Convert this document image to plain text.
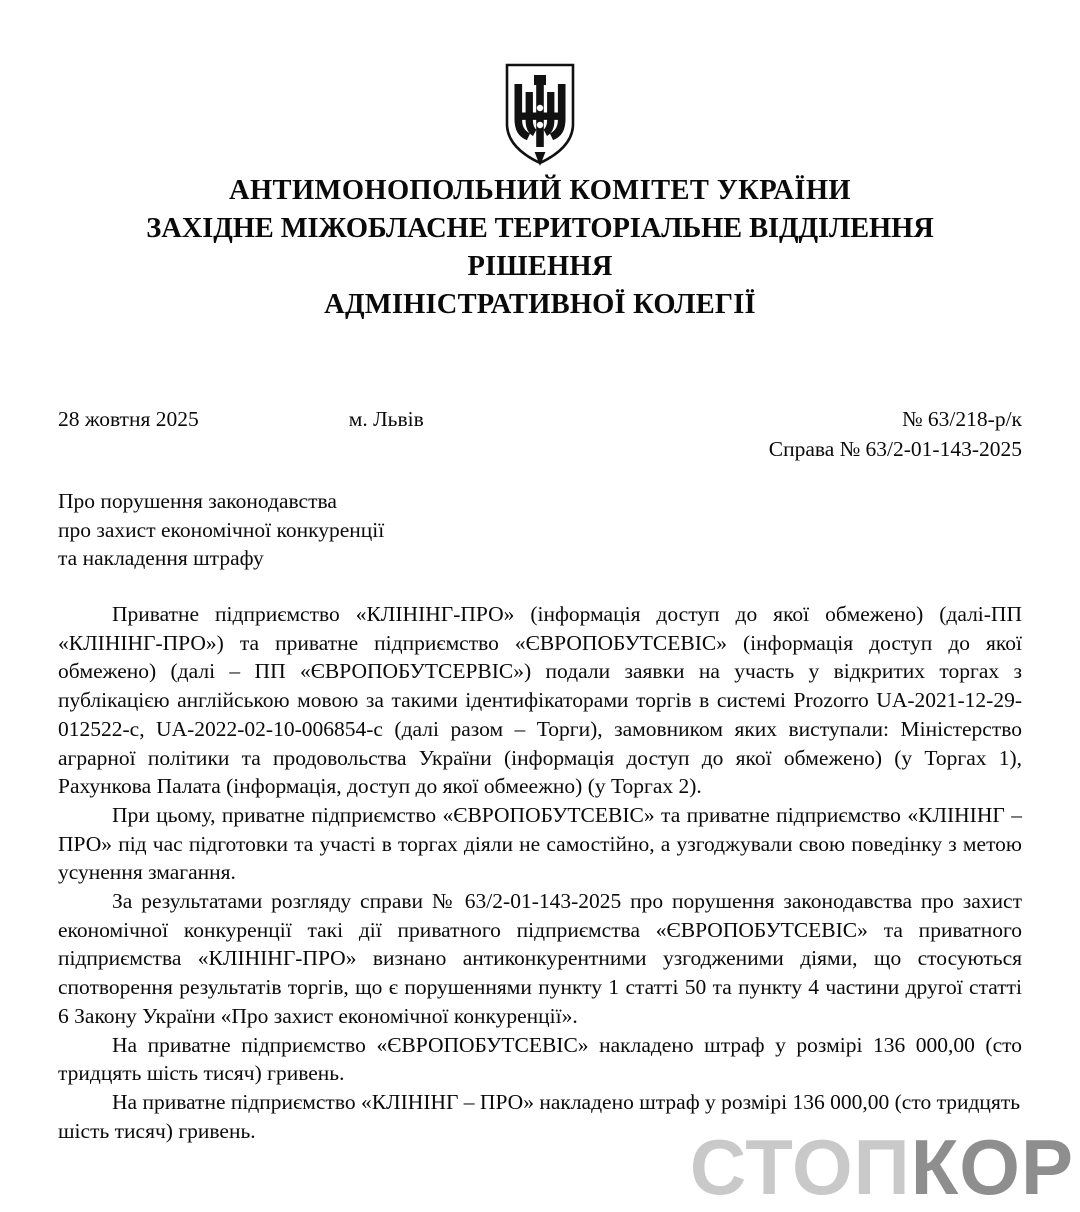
СТОПКОР
АНТИМОНОПОЛЬНИЙ КОМІТЕТ УКРАЇНИ
ЗАХІДНЕ МІЖОБЛАСНЕ ТЕРИТОРІАЛЬНЕ ВІДДІЛЕННЯ
РІШЕННЯ
АДМІНІСТРАТИВНОЇ КОЛЕГІЇ
28 жовтня 2025	м. Львів	№ 63/218-р/к
Справа № 63/2-01-143-2025
Про порушення законодавства
про захист економічної конкуренції
та накладення штрафу

Приватне підприємство «КЛІНІНГ-ПРО» (інформація доступ до якої обмежено) (далі-ПП «КЛІНІНГ-ПРО») та приватне підприємство «ЄВРОПОБУТСЕВІС» (інформація доступ до якої обмежено) (далі – ПП «ЄВРОПОБУТСЕРВІС») подали заявки на участь у відкритих торгах з публікацією англійською мовою за такими ідентифікаторами торгів в системі Prozorro UA-2021-12-29-012522-c, UA-2022-02-10-006854-c (далі разом – Торги), замовником яких виступали: Міністерство аграрної політики та продовольства України (інформація доступ до якої обмежено) (у Торгах 1), Рахункова Палата (інформація, доступ до якої обмеежно) (у Торгах 2).

При цьому, приватне підприємство «ЄВРОПОБУТСЕВІС» та приватне підприємство «КЛІНІНГ – ПРО» під час підготовки та участі в торгах діяли не самостійно, а узгоджували свою поведінку з метою усунення змагання.

За результатами розгляду справи № 63/2-01-143-2025 про порушення законодавства про захист економічної конкуренції такі дії приватного підприємства «ЄВРОПОБУТСЕВІС» та приватного підприємства «КЛІНІНГ-ПРО» визнано антиконкурентними узгодженими діями, що стосуються спотворення результатів торгів, що є порушеннями пункту 1 статті 50 та пункту 4 частини другої статті 6 Закону України «Про захист економічної конкуренції».

На приватне підприємство «ЄВРОПОБУТСЕВІС» накладено штраф у розмірі 136 000,00 (сто тридцять шість тисяч) гривень.

На приватне підприємство «КЛІНІНГ – ПРО» накладено штраф у розмірі 136 000,00 (сто тридцять шість тисяч) гривень.
